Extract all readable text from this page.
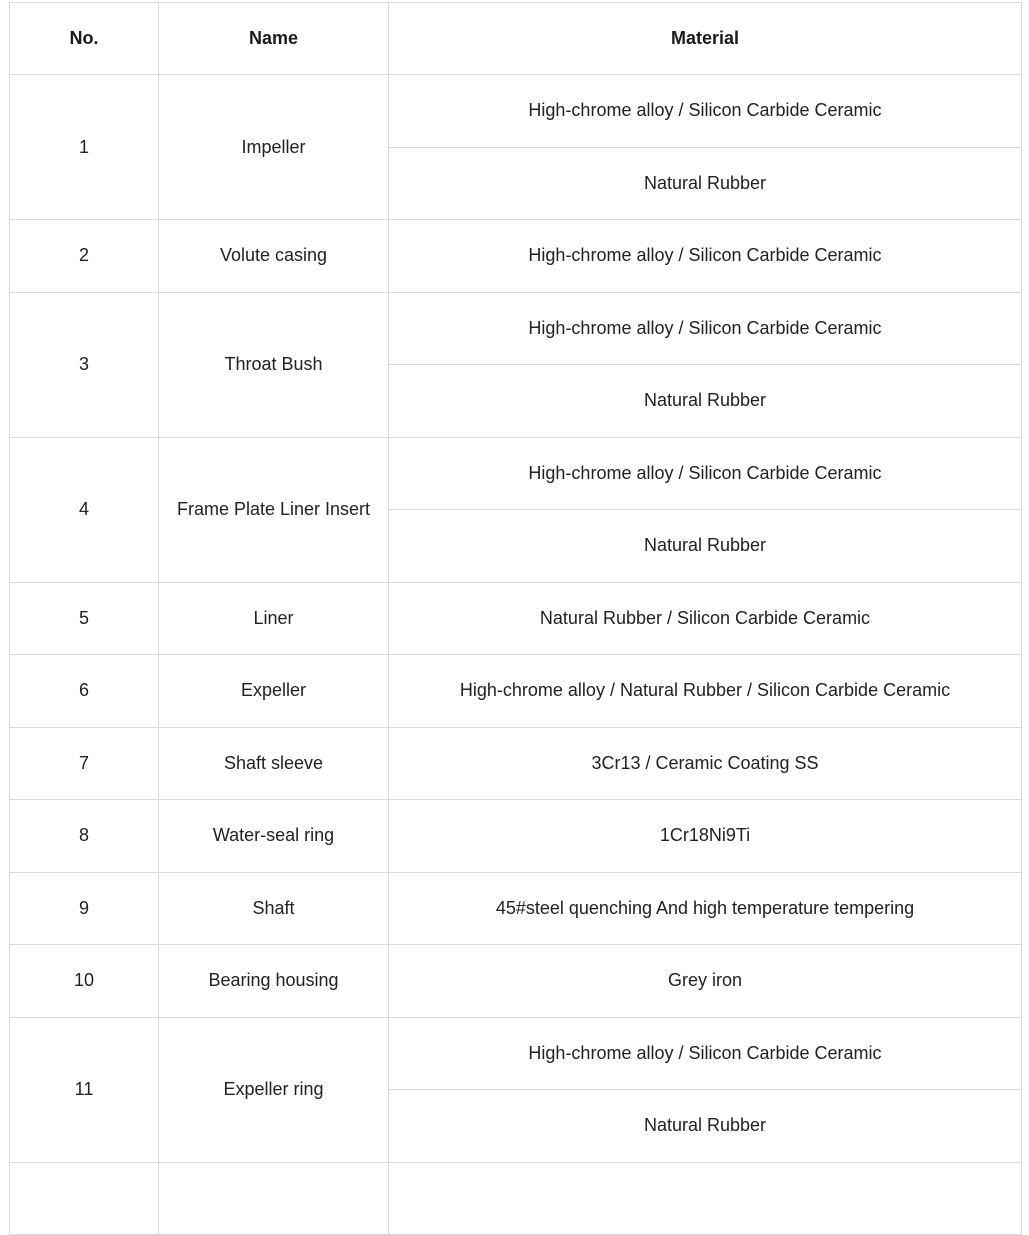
No.	Name	Material
1	Impeller	High-chrome alloy / Silicon Carbide Ceramic
		Natural Rubber
2	Volute casing	High-chrome alloy / Silicon Carbide Ceramic
3	Throat Bush	High-chrome alloy / Silicon Carbide Ceramic
		Natural Rubber
4	Frame Plate Liner Insert	High-chrome alloy / Silicon Carbide Ceramic
		Natural Rubber
5	Liner	Natural Rubber / Silicon Carbide Ceramic
6	Expeller	High-chrome alloy / Natural Rubber / Silicon Carbide Ceramic
7	Shaft sleeve	3Cr13 / Ceramic Coating SS
8	Water-seal ring	1Cr18Ni9Ti
9	Shaft	45#steel quenching And high temperature tempering
10	Bearing housing	Grey iron
11	Expeller ring	High-chrome alloy / Silicon Carbide Ceramic
		Natural Rubber
